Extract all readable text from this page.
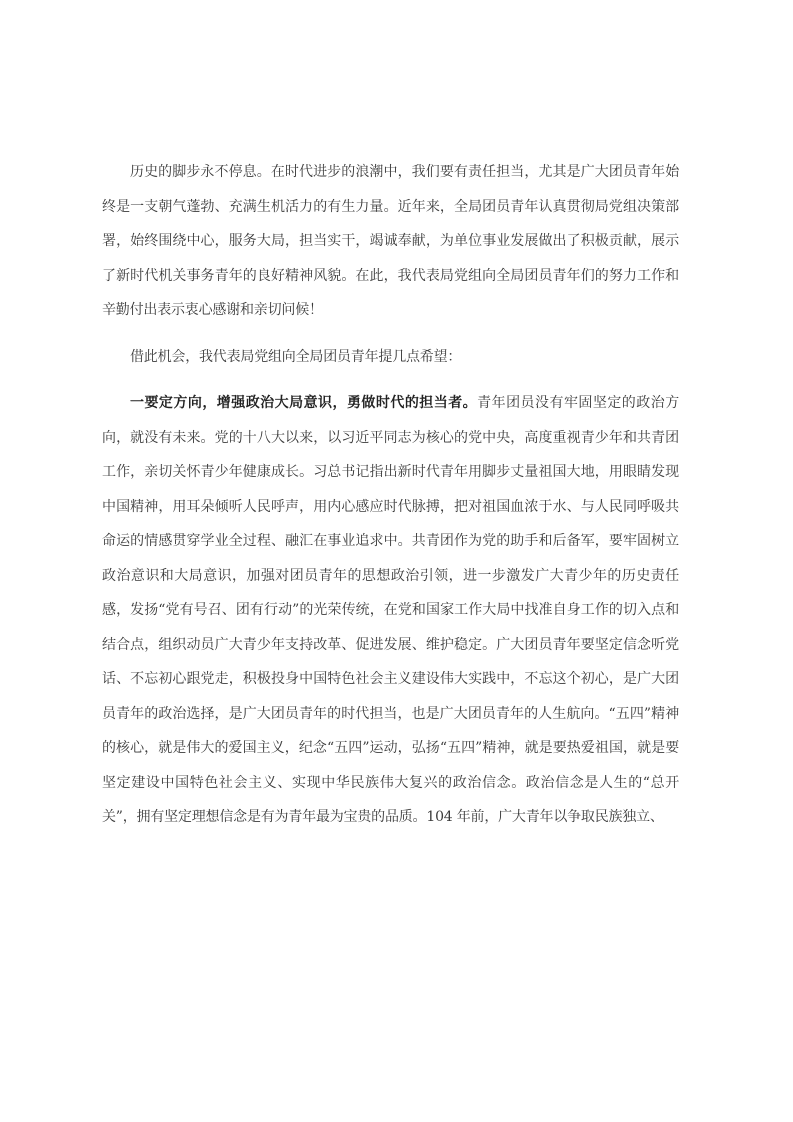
历史的脚步永不停息。在时代进步的浪潮中，我们要有责任担当，尤其是广大团员青年始终是一支朝气蓬勃、充满生机活力的有生力量。近年来，全局团员青年认真贯彻局党组决策部署，始终围绕中心，服务大局，担当实干，竭诚奉献，为单位事业发展做出了积极贡献，展示了新时代机关事务青年的良好精神风貌。在此，我代表局党组向全局团员青年们的努力工作和辛勤付出表示衷心感谢和亲切问候！

借此机会，我代表局党组向全局团员青年提几点希望：

一要定方向，增强政治大局意识，勇做时代的担当者。青年团员没有牢固坚定的政治方向，就没有未来。党的十八大以来，以习近平同志为核心的党中央，高度重视青少年和共青团工作，亲切关怀青少年健康成长。习总书记指出新时代青年用脚步丈量祖国大地，用眼睛发现中国精神，用耳朵倾听人民呼声，用内心感应时代脉搏，把对祖国血浓于水、与人民同呼吸共命运的情感贯穿学业全过程、融汇在事业追求中。共青团作为党的助手和后备军，要牢固树立政治意识和大局意识，加强对团员青年的思想政治引领，进一步激发广大青少年的历史责任感，发扬“党有号召、团有行动”的光荣传统，在党和国家工作大局中找准自身工作的切入点和结合点，组织动员广大青少年支持改革、促进发展、维护稳定。广大团员青年要坚定信念听党话、不忘初心跟党走，积极投身中国特色社会主义建设伟大实践中，不忘这个初心，是广大团员青年的政治选择，是广大团员青年的时代担当，也是广大团员青年的人生航向。“五四”精神的核心，就是伟大的爱国主义，纪念“五四”运动，弘扬“五四”精神，就是要热爱祖国，就是要坚定建设中国特色社会主义、实现中华民族伟大复兴的政治信念。政治信念是人生的“总开关”，拥有坚定理想信念是有为青年最为宝贵的品质。104 年前，广大青年以争取民族独立、
